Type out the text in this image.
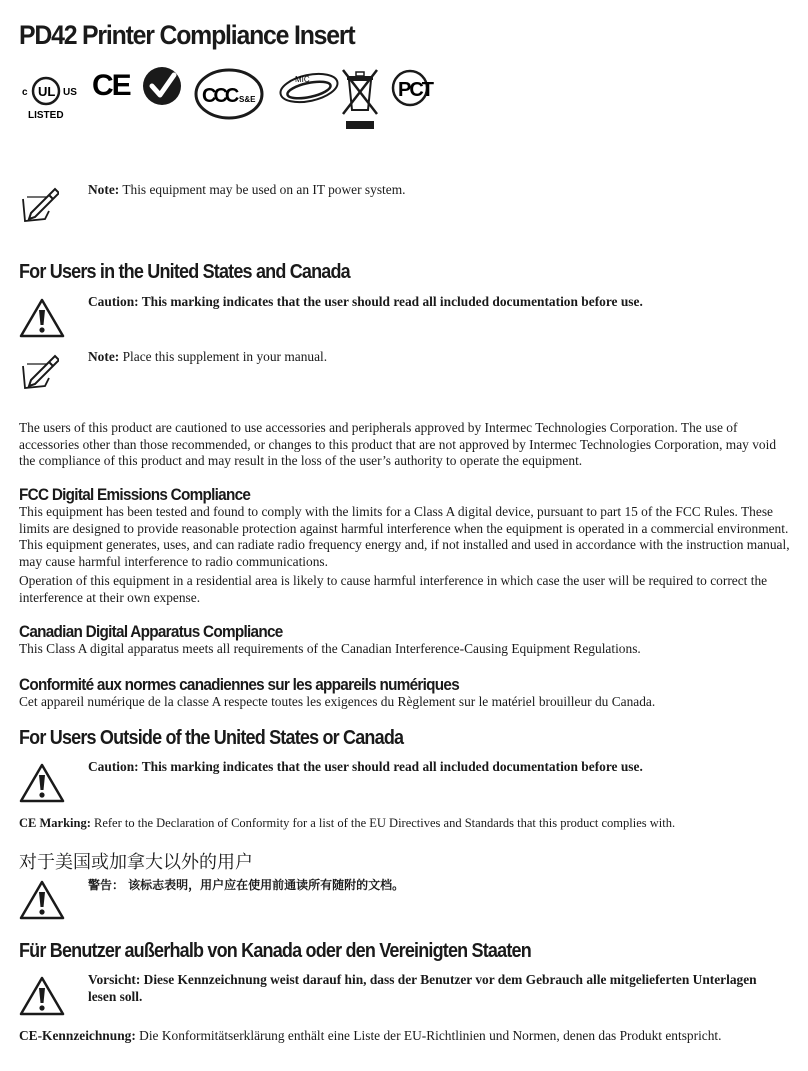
PD42 Printer Compliance Insert
c UL US
LISTED
CE	CCC S&E
MIC	PCT

Note: This equipment may be used on an IT power system.

For Users in the United States and Canada

Caution: This marking indicates that the user should read all included documentation before use.

Note: Place this supplement in your manual.

The users of this product are cautioned to use accessories and peripherals approved by Intermec Technologies Corporation. The use of accessories other than those recommended, or changes to this product that are not approved by Intermec Technologies Corporation, may void the compliance of this product and may result in the loss of the user’s authority to operate the equipment.

FCC Digital Emissions Compliance

This equipment has been tested and found to comply with the limits for a Class A digital device, pursuant to part 15 of the FCC Rules. These limits are designed to provide reasonable protection against harmful interference when the equipment is operated in a commercial environment. This equipment generates, uses, and can radiate radio frequency energy and, if not installed and used in accordance with the instruction manual, may cause harmful interference to radio communications.

Operation of this equipment in a residential area is likely to cause harmful interference in which case the user will be required to correct the interference at their own expense.

Canadian Digital Apparatus Compliance

This Class A digital apparatus meets all requirements of the Canadian Interference-Causing Equipment Regulations.

Conformité aux normes canadiennes sur les appareils numériques

Cet appareil numérique de la classe A respecte toutes les exigences du Règlement sur le matériel brouilleur du Canada.

For Users Outside of the United States or Canada

Caution: This marking indicates that the user should read all included documentation before use.

CE Marking: Refer to the Declaration of Conformity for a list of the EU Directives and Standards that this product complies with.

对于美国或加拿大以外的用户

警告： 该标志表明，用户应在使用前通读所有随附的文档。

Für Benutzer außerhalb von Kanada oder den Vereinigten Staaten

Vorsicht: Diese Kennzeichnung weist darauf hin, dass der Benutzer vor dem Gebrauch alle mitgelieferten Unterlagen lesen soll.

CE-Kennzeichnung: Die Konformitätserklärung enthält eine Liste der EU-Richtlinien und Normen, denen das Produkt entspricht.
